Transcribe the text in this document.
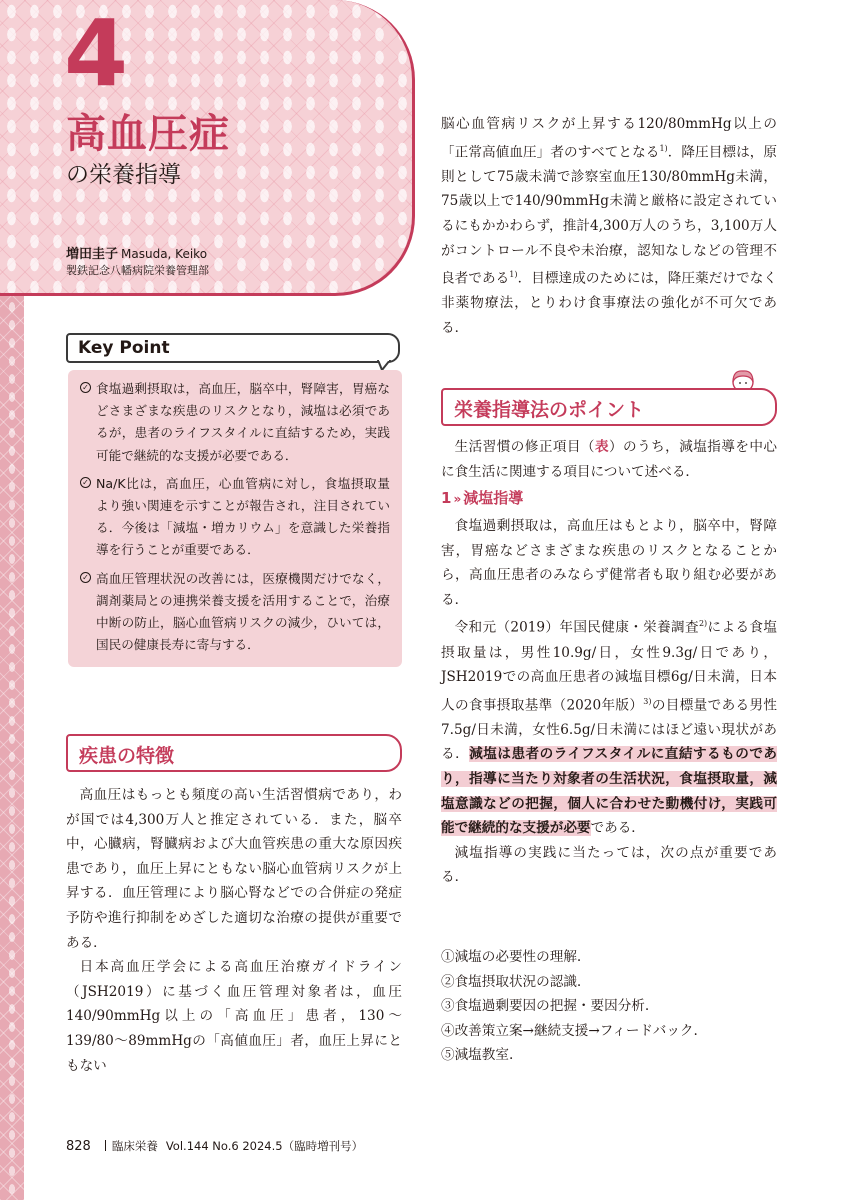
4
高血圧症
の栄養指導
増田圭子 Masuda, Keiko
製鉄記念八幡病院栄養管理部
Key Point
✓ 食塩過剰摂取は，高血圧，脳卒中，腎障害，胃癌などさまざまな疾患のリスクとなり，減塩は必須であるが，患者のライフスタイルに直結するため，実践可能で継続的な支援が必要である．
✓ Na/K比は，高血圧，心血管病に対し，食塩摂取量より強い関連を示すことが報告され，注目されている．今後は「減塩・増カリウム」を意識した栄養指導を行うことが重要である．
✓ 高血圧管理状況の改善には，医療機関だけでなく，調剤薬局との連携栄養支援を活用することで，治療中断の防止，脳心血管病リスクの減少，ひいては，国民の健康長寿に寄与する．
疾患の特徴

高血圧はもっとも頻度の高い生活習慣病であり，わが国では4,300万人と推定されている．また，脳卒中，心臓病，腎臓病および大血管疾患の重大な原因疾患であり，血圧上昇にともない脳心血管病リスクが上昇する．血圧管理により脳心腎などでの合併症の発症予防や進行抑制をめざした適切な治療の提供が重要である．

日本高血圧学会による高血圧治療ガイドライン（JSH2019）に基づく血圧管理対象者は，血圧140/90mmHg以上の「高血圧」患者，130〜139/80〜89mmHgの「高値血圧」者，血圧上昇にともない

脳心血管病リスクが上昇する120/80mmHg以上の「正常高値血圧」者のすべてとなる$^{1)}$．降圧目標は，原則として75歳未満で診察室血圧130/80mmHg未満，75歳以上で140/90mmHg未満と厳格に設定されているにもかかわらず，推計4,300万人のうち，3,100万人がコントロール不良や未治療，認知なしなどの管理不良者である$^{1)}$．目標達成のためには，降圧薬だけでなく非薬物療法，とりわけ食事療法の強化が不可欠である．

栄養指導法のポイント

生活習慣の修正項目（表）のうち，減塩指導を中心に食生活に関連する項目について述べる．

1 » 減塩指導

食塩過剰摂取は，高血圧はもとより，脳卒中，腎障害，胃癌などさまざまな疾患のリスクとなることから，高血圧患者のみならず健常者も取り組む必要がある．

令和元（2019）年国民健康・栄養調査$^{2)}$による食塩摂取量は，男性10.9g/日，女性9.3g/日であり，JSH2019での高血圧患者の減塩目標6g/日未満，日本人の食事摂取基準（2020年版）$^{3)}$の目標量である男性7.5g/日未満，女性6.5g/日未満にはほど遠い現状がある．減塩は患者のライフスタイルに直結するものであり，指導に当たり対象者の生活状況，食塩摂取量，減塩意識などの把握，個人に合わせた動機付け，実践可能で継続的な支援が必要である．

減塩指導の実践に当たっては，次の点が重要である．

①減塩の必要性の理解.
②食塩摂取状況の認識.
③食塩過剰要因の把握・要因分析.
④改善策立案→継続支援→フィードバック.
⑤減塩教室.
828 臨床栄養 Vol.144 No.6 2024.5（臨時増刊号）
